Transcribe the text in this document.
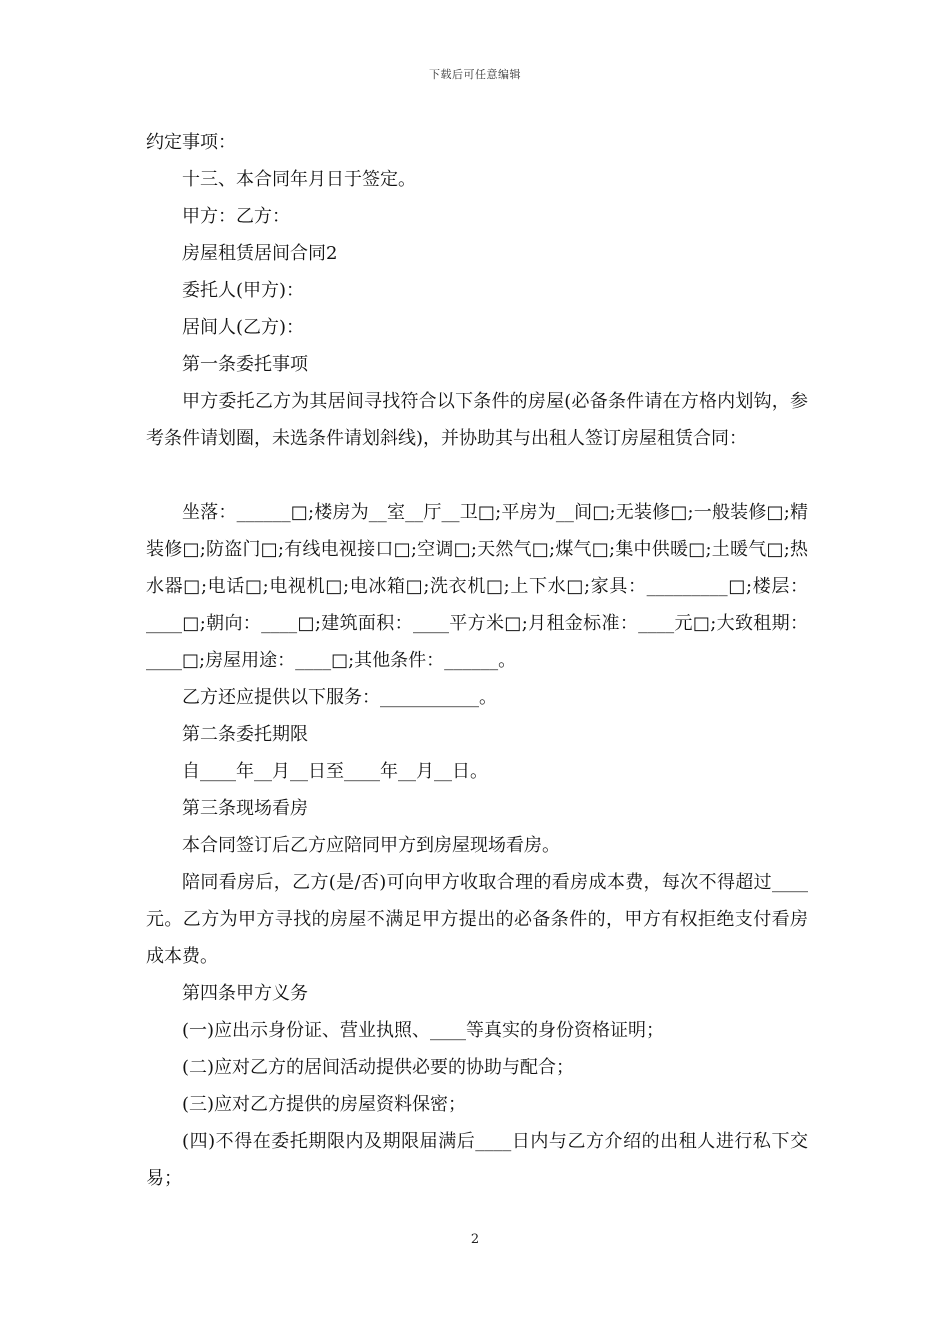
下载后可任意编辑

约定事项：

十三、本合同年月日于签定。

甲方：乙方：

房屋租赁居间合同2

委托人(甲方)：

居间人(乙方)：

第一条委托事项

甲方委托乙方为其居间寻找符合以下条件的房屋(必备条件请在方格内划钩，参考条件请划圈，未选条件请划斜线)，并协助其与出租人签订房屋租赁合同：

坐落：______□;楼房为__室__厅__卫□;平房为__间□;无装修□;一般装修□;精装修□;防盗门□;有线电视接口□;空调□;天然气□;煤气□;集中供暖□;土暖气□;热水器□;电话□;电视机□;电冰箱□;洗衣机□;上下水□;家具：_________□;楼层：____□;朝向：____□;建筑面积：____平方米□;月租金标准：____元□;大致租期：____□;房屋用途：____□;其他条件：______。

乙方还应提供以下服务：___________。

第二条委托期限

自____年__月__日至____年__月__日。

第三条现场看房

本合同签订后乙方应陪同甲方到房屋现场看房。

陪同看房后，乙方(是/否)可向甲方收取合理的看房成本费，每次不得超过____元。乙方为甲方寻找的房屋不满足甲方提出的必备条件的，甲方有权拒绝支付看房成本费。

第四条甲方义务

(一)应出示身份证、营业执照、____等真实的身份资格证明；

(二)应对乙方的居间活动提供必要的协助与配合；

(三)应对乙方提供的房屋资料保密；

(四)不得在委托期限内及期限届满后____日内与乙方介绍的出租人进行私下交易；

2
